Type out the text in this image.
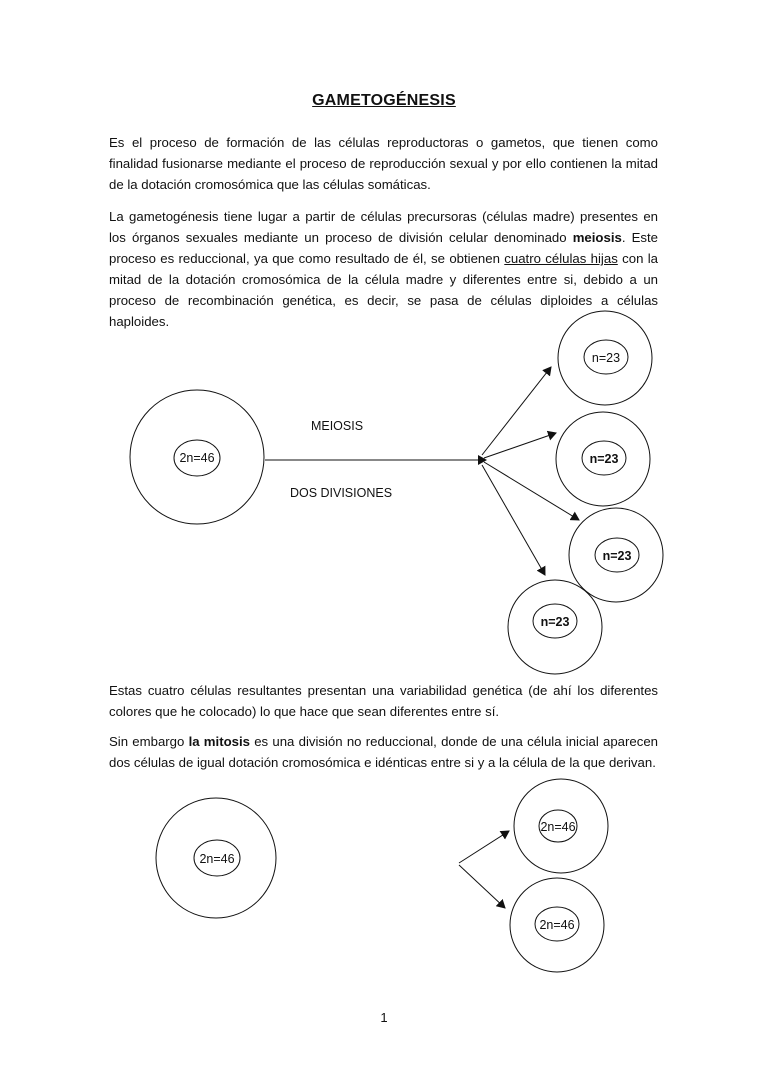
GAMETOGÉNESIS

Es el proceso de formación de las células reproductoras o gametos, que tienen como finalidad fusionarse mediante el proceso de reproducción sexual y por ello contienen la mitad de la dotación cromosómica que las células somáticas.

La gametogénesis tiene lugar a partir de células precursoras (células madre) presentes en los órganos sexuales mediante un proceso de división celular denominado meiosis. Este proceso es reduccional, ya que como resultado de él, se obtienen cuatro células hijas con la mitad de la dotación cromosómica de la célula madre y diferentes entre si, debido a un proceso de recombinación genética, es decir, se pasa de células diploides a células haploides.

2n=46
MEIOSIS
DOS DIVISIONES
n=23
n=23
n=23
n=23
2n=46
2n=46
2n=46

Estas cuatro células resultantes presentan una variabilidad genética (de ahí los diferentes colores que he colocado) lo que hace que sean diferentes entre sí.

Sin embargo la mitosis es una división no reduccional, donde de una célula inicial aparecen dos células de igual dotación cromosómica e idénticas entre si y a la célula de la que derivan.

1
